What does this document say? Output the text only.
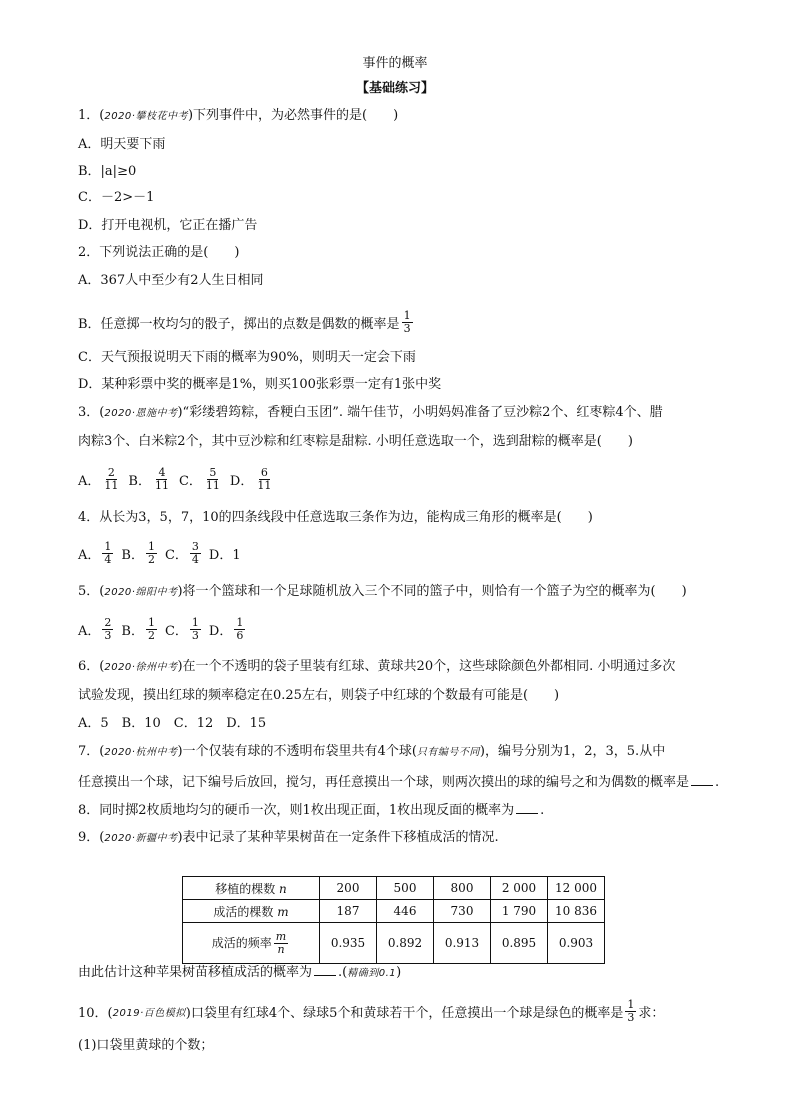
事件的概率
【基础练习】
1．(2020·攀枝花中考)下列事件中，为必然事件的是(　　)
A．明天要下雨
B．|a|≥0
C．－2>－1
D．打开电视机，它正在播广告
2．下列说法正确的是(　　)
A．367人中至少有2人生日相同
B．任意掷一枚均匀的骰子，掷出的点数是偶数的概率是 $\frac{1}{3}$
C．天气预报说明天下雨的概率为90%，则明天一定会下雨
D．某种彩票中奖的概率是1%，则买100张彩票一定有1张中奖
3．(2020·恩施中考)“彩缕碧筠粽，香粳白玉团”. 端午佳节，小明妈妈准备了豆沙粽2个、红枣粽4个、腊
肉粽3个、白米粽2个，其中豆沙粽和红枣粽是甜粽. 小明任意选取一个，选到甜粽的概率是(　　)
A． $\frac{2}{11}$ B． $\frac{4}{11}$ C． $\frac{5}{11}$ D． $\frac{6}{11}$
4．从长为3，5，7，10的四条线段中任意选取三条作为边，能构成三角形的概率是(　　)
A． $\frac{1}{4}$ B． $\frac{1}{2}$ C． $\frac{3}{4}$ D．1
5．(2020·绵阳中考)将一个篮球和一个足球随机放入三个不同的篮子中，则恰有一个篮子为空的概率为(　　)
A． $\frac{2}{3}$ B． $\frac{1}{2}$ C． $\frac{1}{3}$ D． $\frac{1}{6}$
6．(2020·徐州中考)在一个不透明的袋子里装有红球、黄球共20个，这些球除颜色外都相同. 小明通过多次
试验发现，摸出红球的频率稳定在0.25左右，则袋子中红球的个数最有可能是(　　)
A．5　B．10　C．12　D．15
7．(2020·杭州中考)一个仅装有球的不透明布袋里共有4个球(只有编号不同)，编号分别为1，2，3，5.从中
任意摸出一个球，记下编号后放回，搅匀，再任意摸出一个球，则两次摸出的球的编号之和为偶数的概率是 .
8．同时掷2枚质地均匀的硬币一次，则1枚出现正面，1枚出现反面的概率为 .
9．(2020·新疆中考)表中记录了某种苹果树苗在一定条件下移植成活的情况.
移植的棵数 n	200	500	800	2 000	12 000
成活的棵数 m	187	446	730	1 790	10 836
成活的频率 $\frac{m}{n}$	0.935	0.892	0.913	0.895	0.903
由此估计这种苹果树苗移植成活的概率为 .(精确到0.1)
10．( 2019·百色模拟 )口袋里有红球4个、绿球5个和黄球若干个，任意摸出一个球是绿色的概率是 $\frac{1}{3}$ 求：
(1)口袋里黄球的个数；
